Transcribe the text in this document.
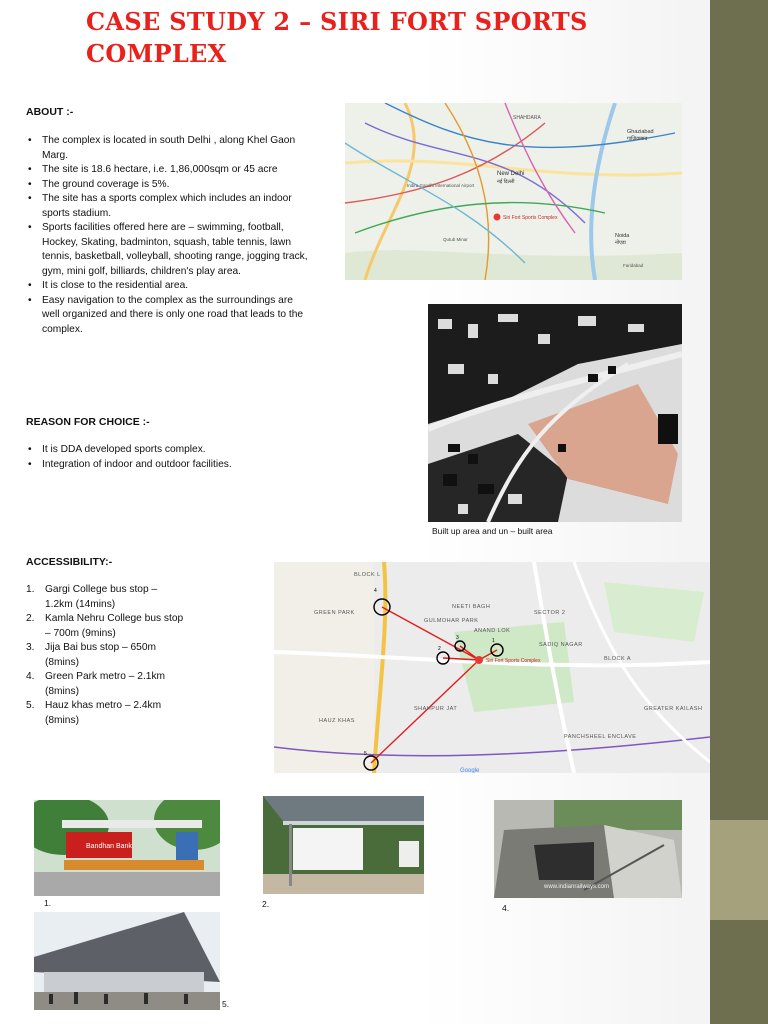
CASE STUDY 2 – SIRI FORT SPORTS COMPLEX
ABOUT :-
• The complex is located in south Delhi , along Khel Gaon Marg.
• The site is 18.6 hectare, i.e. 1,86,000sqm or 45 acre
• The ground coverage is 5%.
• The site has a sports complex which includes an indoor sports stadium.
• Sports facilities offered here are – swimming, football, Hockey, Skating, badminton, squash, table tennis, lawn tennis, basketball, volleyball, shooting range, jogging track, gym, mini golf, billiards, children's play area.
• It is close to the residential area.
• Easy navigation to the complex as the surroundings are well organized and there is only one road that leads to the complex.
REASON FOR CHOICE :-
• It is DDA developed sports complex.
• Integration of indoor and outdoor facilities.
ACCESSIBILITY:-
1. Gargi College bus stop – 1.2km (14mins)
2. Kamla Nehru College bus stop – 700m (9mins)
3. Jija Bai bus stop – 650m (8mins)
4. Green Park metro – 2.1km (8mins)
5. Hauz khas metro – 2.4km (8mins)
SHAHDARA
New Delhi
नई दिल्ली
Ghaziabad
गाज़ियाबाद
Siri Fort Sports Complex
Noida
नोएडा
Indira Gandhi International Airport
Qutub Minar
Faridabad
Built up area and un – built area
4
2
3	1
5
BLOCK L
GREEN PARK
NEETI BAGH
GULMOHAR PARK
ANAND LOK
SECTOR 2
SADIQ NAGAR
BLOCK A
HAUZ KHAS
SHAHPUR JAT
PANCHSHEEL ENCLAVE
GREATER KAILASH
Siri Fort Sports Complex
Google
Bandhan Bank
1.	2.
www.indianrailways.com
4.
5.
